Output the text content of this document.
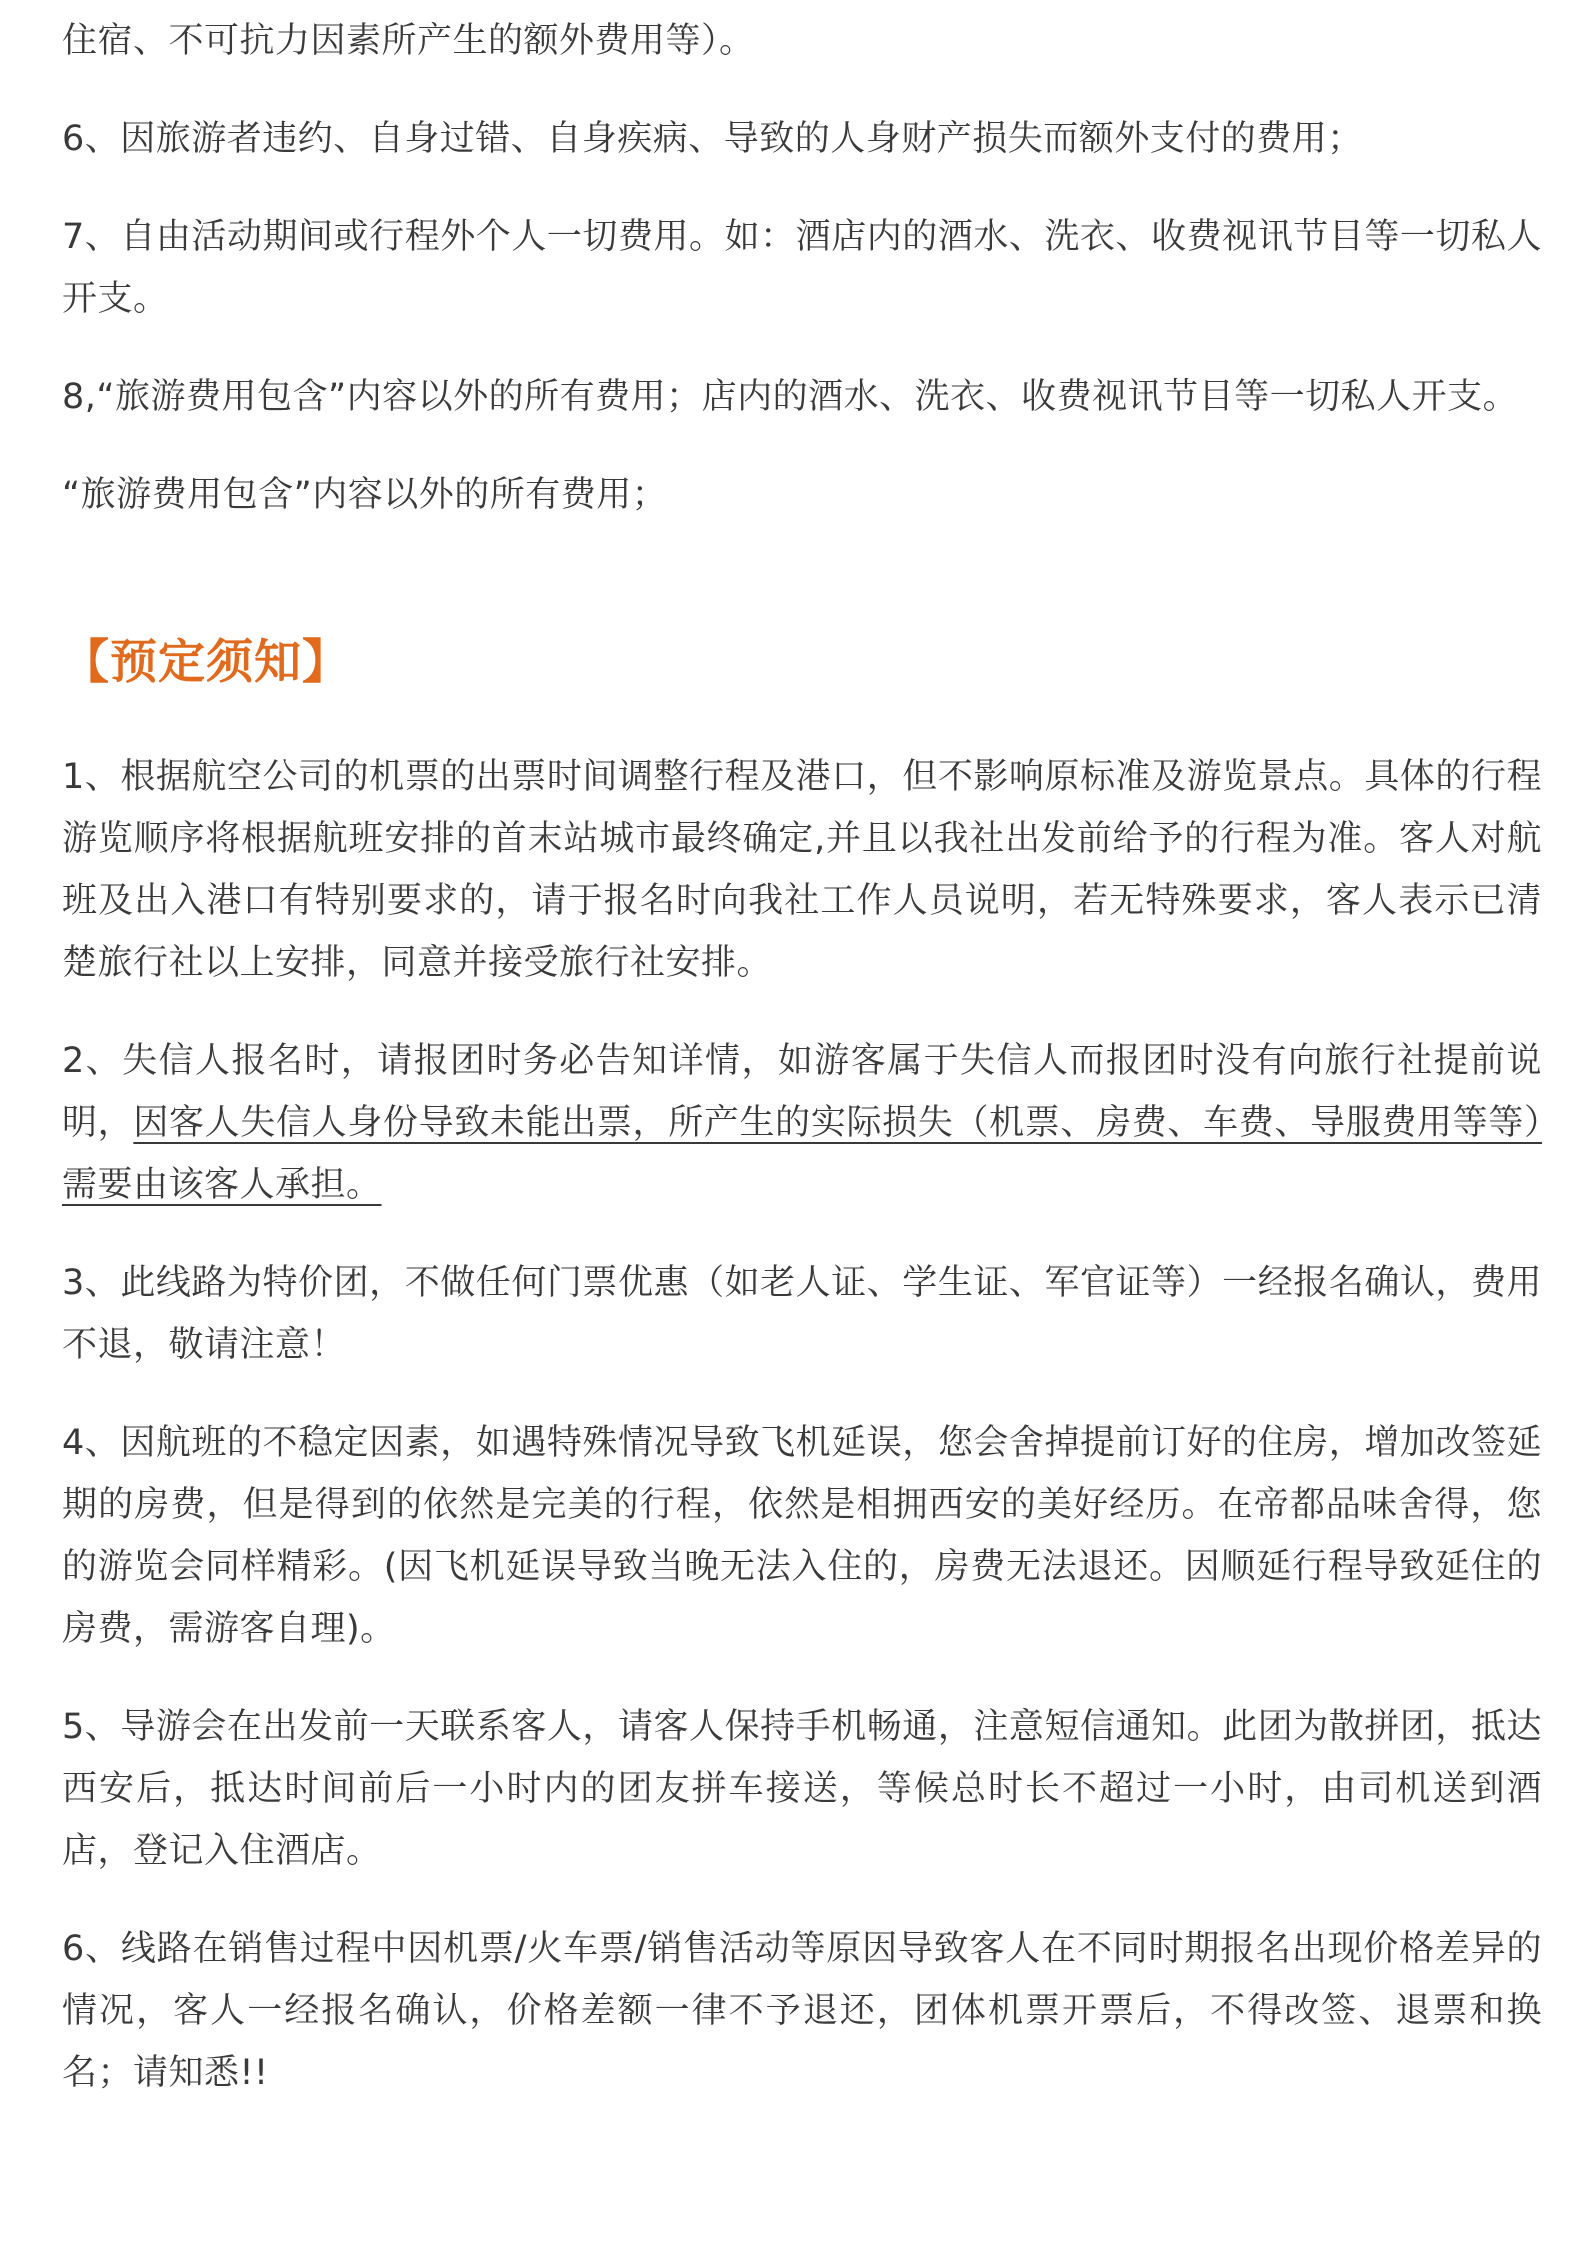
住宿、不可抗力因素所产生的额外费用等）。

6、因旅游者违约、自身过错、自身疾病、导致的人身财产损失而额外支付的费用；

7、自由活动期间或行程外个人一切费用。如：酒店内的酒水、洗衣、收费视讯节目等一切私人开支。

8,“旅游费用包含”内容以外的所有费用；店内的酒水、洗衣、收费视讯节目等一切私人开支。

“旅游费用包含”内容以外的所有费用；

【预定须知】

1、根据航空公司的机票的出票时间调整行程及港口，但不影响原标准及游览景点。具体的行程游览顺序将根据航班安排的首末站城市最终确定,并且以我社出发前给予的行程为准。客人对航班及出入港口有特别要求的，请于报名时向我社工作人员说明，若无特殊要求，客人表示已清楚旅行社以上安排，同意并接受旅行社安排。

2、失信人报名时，请报团时务必告知详情，如游客属于失信人而报团时没有向旅行社提前说明，因客人失信人身份导致未能出票，所产生的实际损失（机票、房费、车费、导服费用等等）需要由该客人承担。

3、此线路为特价团，不做任何门票优惠（如老人证、学生证、军官证等）一经报名确认，费用不退，敬请注意！

4、因航班的不稳定因素，如遇特殊情况导致飞机延误，您会舍掉提前订好的住房，增加改签延期的房费，但是得到的依然是完美的行程，依然是相拥西安的美好经历。在帝都品味舍得，您的游览会同样精彩。(因飞机延误导致当晚无法入住的，房费无法退还。因顺延行程导致延住的房费，需游客自理)。

5、导游会在出发前一天联系客人，请客人保持手机畅通，注意短信通知。此团为散拼团，抵达西安后，抵达时间前后一小时内的团友拼车接送，等候总时长不超过一小时，由司机送到酒店，登记入住酒店。

6、线路在销售过程中因机票/火车票/销售活动等原因导致客人在不同时期报名出现价格差异的情况，客人一经报名确认，价格差额一律不予退还，团体机票开票后，不得改签、退票和换名；请知悉!!
